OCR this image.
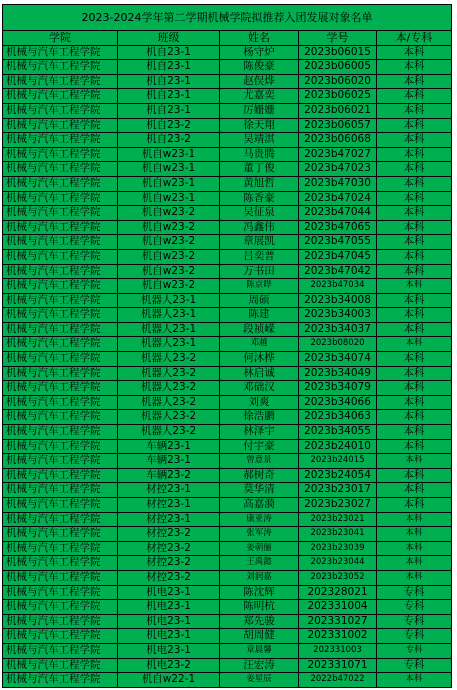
2023-2024学年第二学期机械学院拟推荐入团发展对象名单				
学院	班级	姓名	学号	本/专科
机械与汽车工程学院	机自23-1	杨守炉	2023b06015	本科
机械与汽车工程学院	机自23-1	陈俊豪	2023b06005	本科
机械与汽车工程学院	机自23-1	赵俣烨	2023b06020	本科
机械与汽车工程学院	机自23-1	尤嘉奕	2023b06025	本科
机械与汽车工程学院	机自23-1	厉姗姗	2023b06021	本科
机械与汽车工程学院	机自23-2	徐天翔	2023b06057	本科
机械与汽车工程学院	机自23-2	吴靖淇	2023b06068	本科
机械与汽车工程学院	机自w23-1	马贵腾	2023b47027	本科
机械与汽车工程学院	机自w23-1	董丁俊	2023b47023	本科
机械与汽车工程学院	机自w23-1	黄旭哲	2023b47030	本科
机械与汽车工程学院	机自w23-1	陈香豪	2023b47024	本科
机械与汽车工程学院	机自w23-2	吴征泉	2023b47044	本科
机械与汽车工程学院	机自w23-2	冯鑫伟	2023b47065	本科
机械与汽车工程学院	机自w23-2	章展凯	2023b47055	本科
机械与汽车工程学院	机自w23-2	吕奕普	2023b47045	本科
机械与汽车工程学院	机自w23-2	万书田	2023b47042	本科
机械与汽车工程学院	机自w23-2	陈京晔	2023b47034	本科
机械与汽车工程学院	机器人23-1	周硕	2023b34008	本科
机械与汽车工程学院	机器人23-1	陈建	2023b34003	本科
机械与汽车工程学院	机器人23-1	段祯嵘	2023b34037	本科
机械与汽车工程学院	机器人23-1	邓越	2023b08020	本科
机械与汽车工程学院	机器人23-2	何沐桦	2023b34074	本科
机械与汽车工程学院	机器人23-2	林启诚	2023b34049	本科
机械与汽车工程学院	机器人23-2	邓础汉	2023b34079	本科
机械与汽车工程学院	机器人23-2	刘爽	2023b34066	本科
机械与汽车工程学院	机器人23-2	徐浩鹏	2023b34063	本科
机械与汽车工程学院	机器人23-2	林泽宇	2023b34055	本科
机械与汽车工程学院	车辆23-1	付宇豪	2023b24010	本科
机械与汽车工程学院	车辆23-1	曾意景	2023b24015	本科
机械与汽车工程学院	车辆23-2	郝树奇	2023b24054	本科
机械与汽车工程学院	材控23-1	莫华清	2023b23017	本科
机械与汽车工程学院	材控23-1	高嘉漪	2023b23027	本科
机械与汽车工程学院	材控23-1	康亚涛	2023b23021	本科
机械与汽车工程学院	材控23-2	张军涛	2023b23041	本科
机械与汽车工程学院	材控23-2	姜朝俪	2023b23039	本科
机械与汽车工程学院	材控23-2	王禹懿	2023b23044	本科
机械与汽车工程学院	材控23-2	刘润嘉	2023b23052	本科
机械与汽车工程学院	机电23-1	陈沈辉	202328021	专科
机械与汽车工程学院	机电23-1	陈明杭	202331004	专科
机械与汽车工程学院	机电23-1	郑先骏	202331027	专科
机械与汽车工程学院	机电23-1	胡周健	202331002	专科
机械与汽车工程学院	机电23-1	章晨馨	202331003	专科
机械与汽车工程学院	机电23-2	汪宏涛	202331071	专科
机械与汽车工程学院	机自w22-1	姜星辰	2022b47022	本科
